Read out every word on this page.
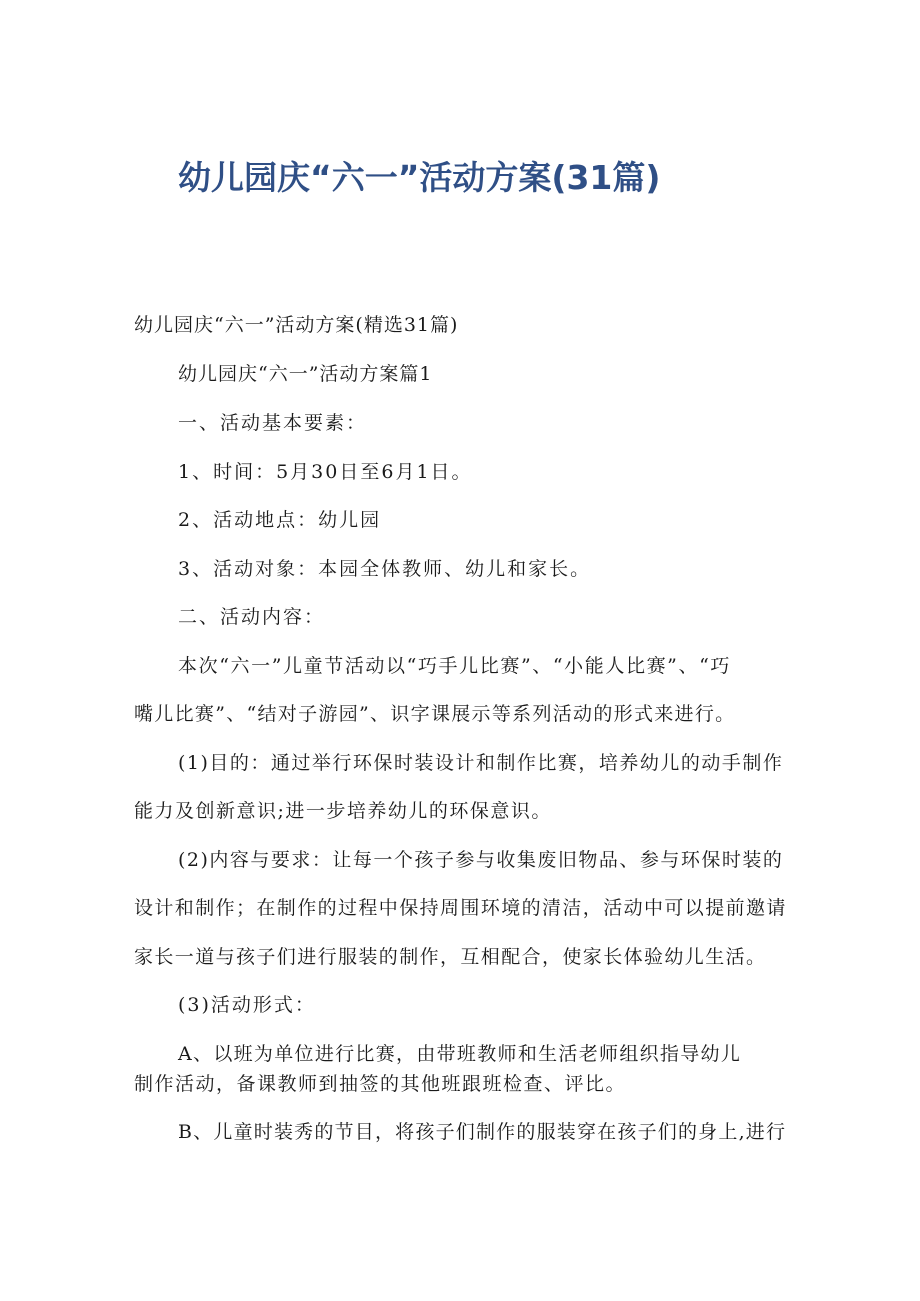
幼儿园庆“六一”活动方案(31篇)
幼儿园庆“六一”活动方案(精选31篇)
幼儿园庆“六一”活动方案篇1
一、活动基本要素：
1、时间：5月30日至6月1日。
2、活动地点：幼儿园
3、活动对象：本园全体教师、幼儿和家长。
二、活动内容：
本次“六一”儿童节活动以“巧手儿比赛”、“小能人比赛”、“巧
嘴儿比赛”、“结对子游园”、识字课展示等系列活动的形式来进行。
(1)目的：通过举行环保时装设计和制作比赛，培养幼儿的动手制作
能力及创新意识;进一步培养幼儿的环保意识。
(2)内容与要求：让每一个孩子参与收集废旧物品、参与环保时装的
设计和制作；在制作的过程中保持周围环境的清洁，活动中可以提前邀请
家长一道与孩子们进行服装的制作，互相配合，使家长体验幼儿生活。
(3)活动形式：
A、以班为单位进行比赛，由带班教师和生活老师组织指导幼儿
制作活动，备课教师到抽签的其他班跟班检查、评比。
B、儿童时装秀的节目，将孩子们制作的服装穿在孩子们的身上,进行
